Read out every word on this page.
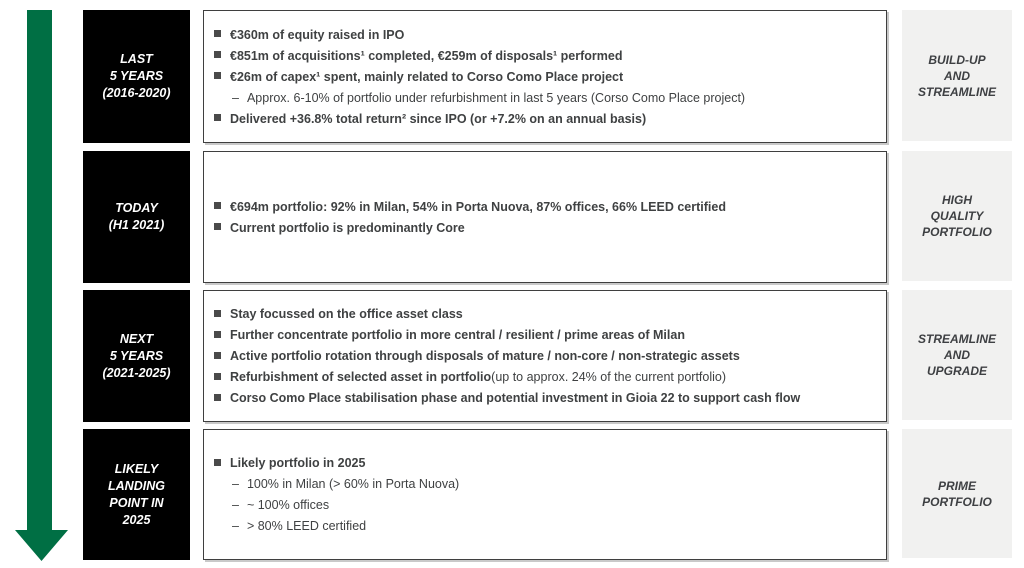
LAST
5 YEARS
(2016-2020)
€360m of equity raised in IPO
€851m of acquisitions¹ completed, €259m of disposals¹ performed
€26m of capex¹ spent, mainly related to Corso Como Place project
– Approx. 6-10% of portfolio under refurbishment in last 5 years (Corso Como Place project)
Delivered +36.8% total return² since IPO (or +7.2% on an annual basis)
BUILD-UP
AND
STREAMLINE
TODAY
(H1 2021)
€694m portfolio: 92% in Milan, 54% in Porta Nuova, 87% offices, 66% LEED certified
Current portfolio is predominantly Core
HIGH
QUALITY
PORTFOLIO
NEXT
5 YEARS
(2021-2025)
Stay focussed on the office asset class
Further concentrate portfolio in more central / resilient / prime areas of Milan
Active portfolio rotation through disposals of mature / non-core / non-strategic assets
Refurbishment of selected asset in portfolio (up to approx. 24% of the current portfolio)
Corso Como Place stabilisation phase and potential investment in Gioia 22 to support cash flow
STREAMLINE
AND
UPGRADE
LIKELY
LANDING
POINT IN
2025
Likely portfolio in 2025
– 100% in Milan (> 60% in Porta Nuova)
– ~ 100% offices
– > 80% LEED certified
PRIME
PORTFOLIO
